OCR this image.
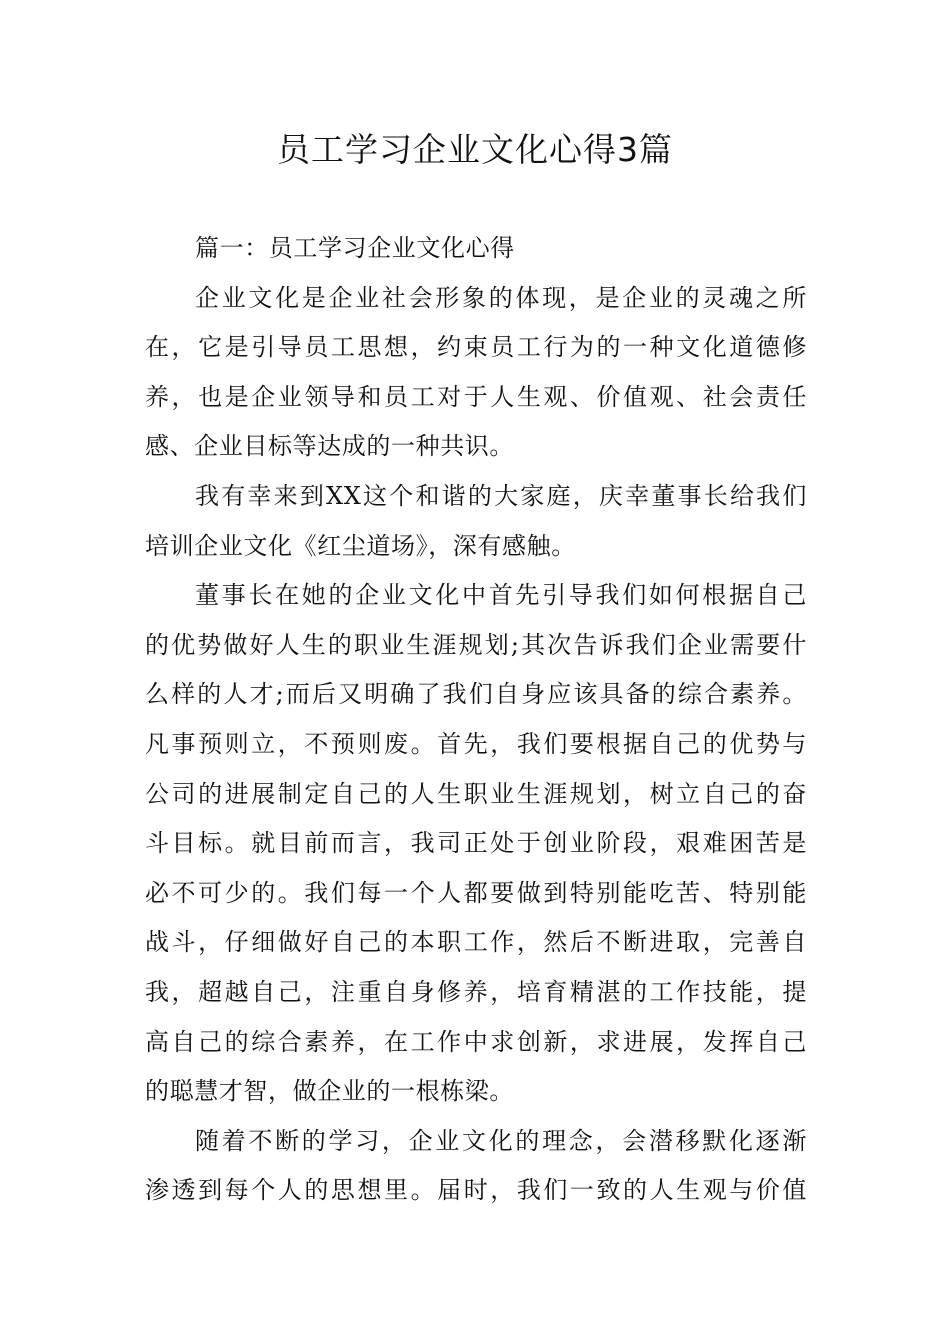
员工学习企业文化心得3篇
篇一：员工学习企业文化心得
企业文化是企业社会形象的体现，是企业的灵魂之所
在，它是引导员工思想，约束员工行为的一种文化道德修
养，也是企业领导和员工对于人生观、价值观、社会责任
感、企业目标等达成的一种共识。
我有幸来到XX这个和谐的大家庭，庆幸董事长给我们
培训企业文化《红尘道场》，深有感触。
董事长在她的企业文化中首先引导我们如何根据自己
的优势做好人生的职业生涯规划;其次告诉我们企业需要什
么样的人才;而后又明确了我们自身应该具备的综合素养。
凡事预则立，不预则废。首先，我们要根据自己的优势与
公司的进展制定自己的人生职业生涯规划，树立自己的奋
斗目标。就目前而言，我司正处于创业阶段，艰难困苦是
必不可少的。我们每一个人都要做到特别能吃苦、特别能
战斗，仔细做好自己的本职工作，然后不断进取，完善自
我，超越自己，注重自身修养，培育精湛的工作技能，提
高自己的综合素养，在工作中求创新，求进展，发挥自己
的聪慧才智，做企业的一根栋梁。
随着不断的学习，企业文化的理念，会潜移默化逐渐
渗透到每个人的思想里。届时，我们一致的人生观与价值
